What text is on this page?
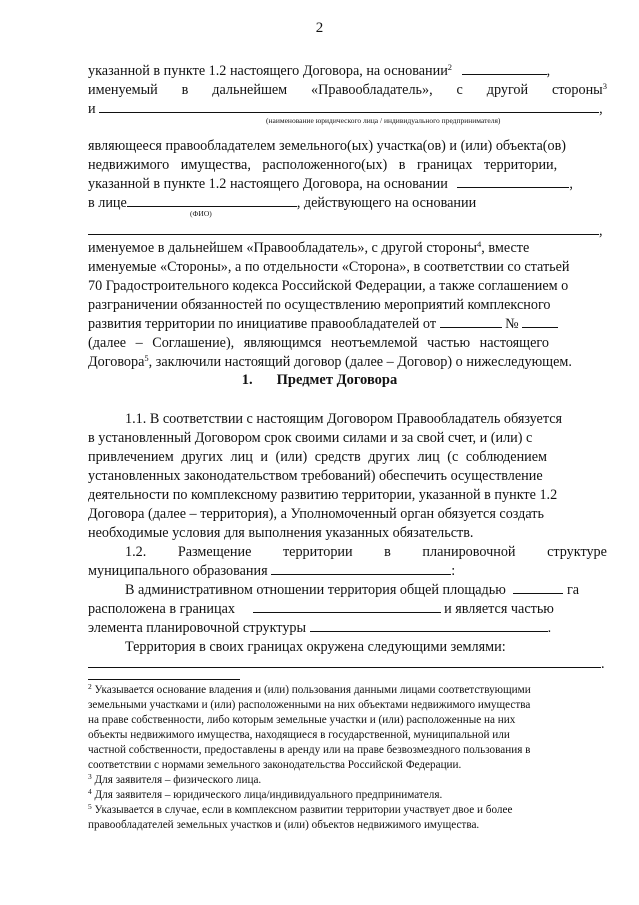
2
указанной в пункте 1.2 настоящего Договора, на основании$^2$	,
именуемый в дальнейшем «Правообладатель», с другой стороны$^3$
и	,
(наименование юридического лица / индивидуального предпринимателя)
являющееся правообладателем земельного(ых) участка(ов) и (или) объекта(ов)
недвижимого имущества, расположенного(ых) в границах территории,
указанной в пункте 1.2 настоящего Договора, на основании	,
в лице	, действующего на основании
(ФИО)
,
именуемое в дальнейшем «Правообладатель», с другой стороны$^4$, вместе
именуемые «Стороны», а по отдельности «Сторона», в соответствии со статьей
70 Градостроительного кодекса Российской Федерации, а также соглашением о
разграничении обязанностей по осуществлению мероприятий комплексного
развития территории по инициативе правообладателей от	№
(далее – Соглашение), являющимся неотъемлемой частью настоящего
Договора$^5$, заключили настоящий договор (далее – Договор) о нижеследующем.
1. Предмет Договора
1.1. В соответствии с настоящим Договором Правообладатель обязуется
в установленный Договором срок своими силами и за свой счет, и (или) с
привлечением других лиц и (или) средств других лиц (с соблюдением
установленных законодательством требований) обеспечить осуществление
деятельности по комплексному развитию территории, указанной в пункте 1.2
Договора (далее – территория), а Уполномоченный орган обязуется создать
необходимые условия для выполнения указанных обязательств.
1.2. Размещение территории в планировочной структуре
муниципального образования	:
В административном отношении территория общей площадью	га
расположена в границах	и является частью
элемента планировочной структуры	.
Территория в своих границах окружена следующими землями:
.
$^2$ Указывается основание владения и (или) пользования данными лицами соответствующими
земельными участками и (или) расположенными на них объектами недвижимого имущества
на праве собственности, либо которым земельные участки и (или) расположенные на них
объекты недвижимого имущества, находящиеся в государственной, муниципальной или
частной собственности, предоставлены в аренду или на праве безвозмездного пользования в
соответствии с нормами земельного законодательства Российской Федерации.
$^3$ Для заявителя – физического лица.
$^4$ Для заявителя – юридического лица/индивидуального предпринимателя.
$^5$ Указывается в случае, если в комплексном развитии территории участвует двое и более
правообладателей земельных участков и (или) объектов недвижимого имущества.
